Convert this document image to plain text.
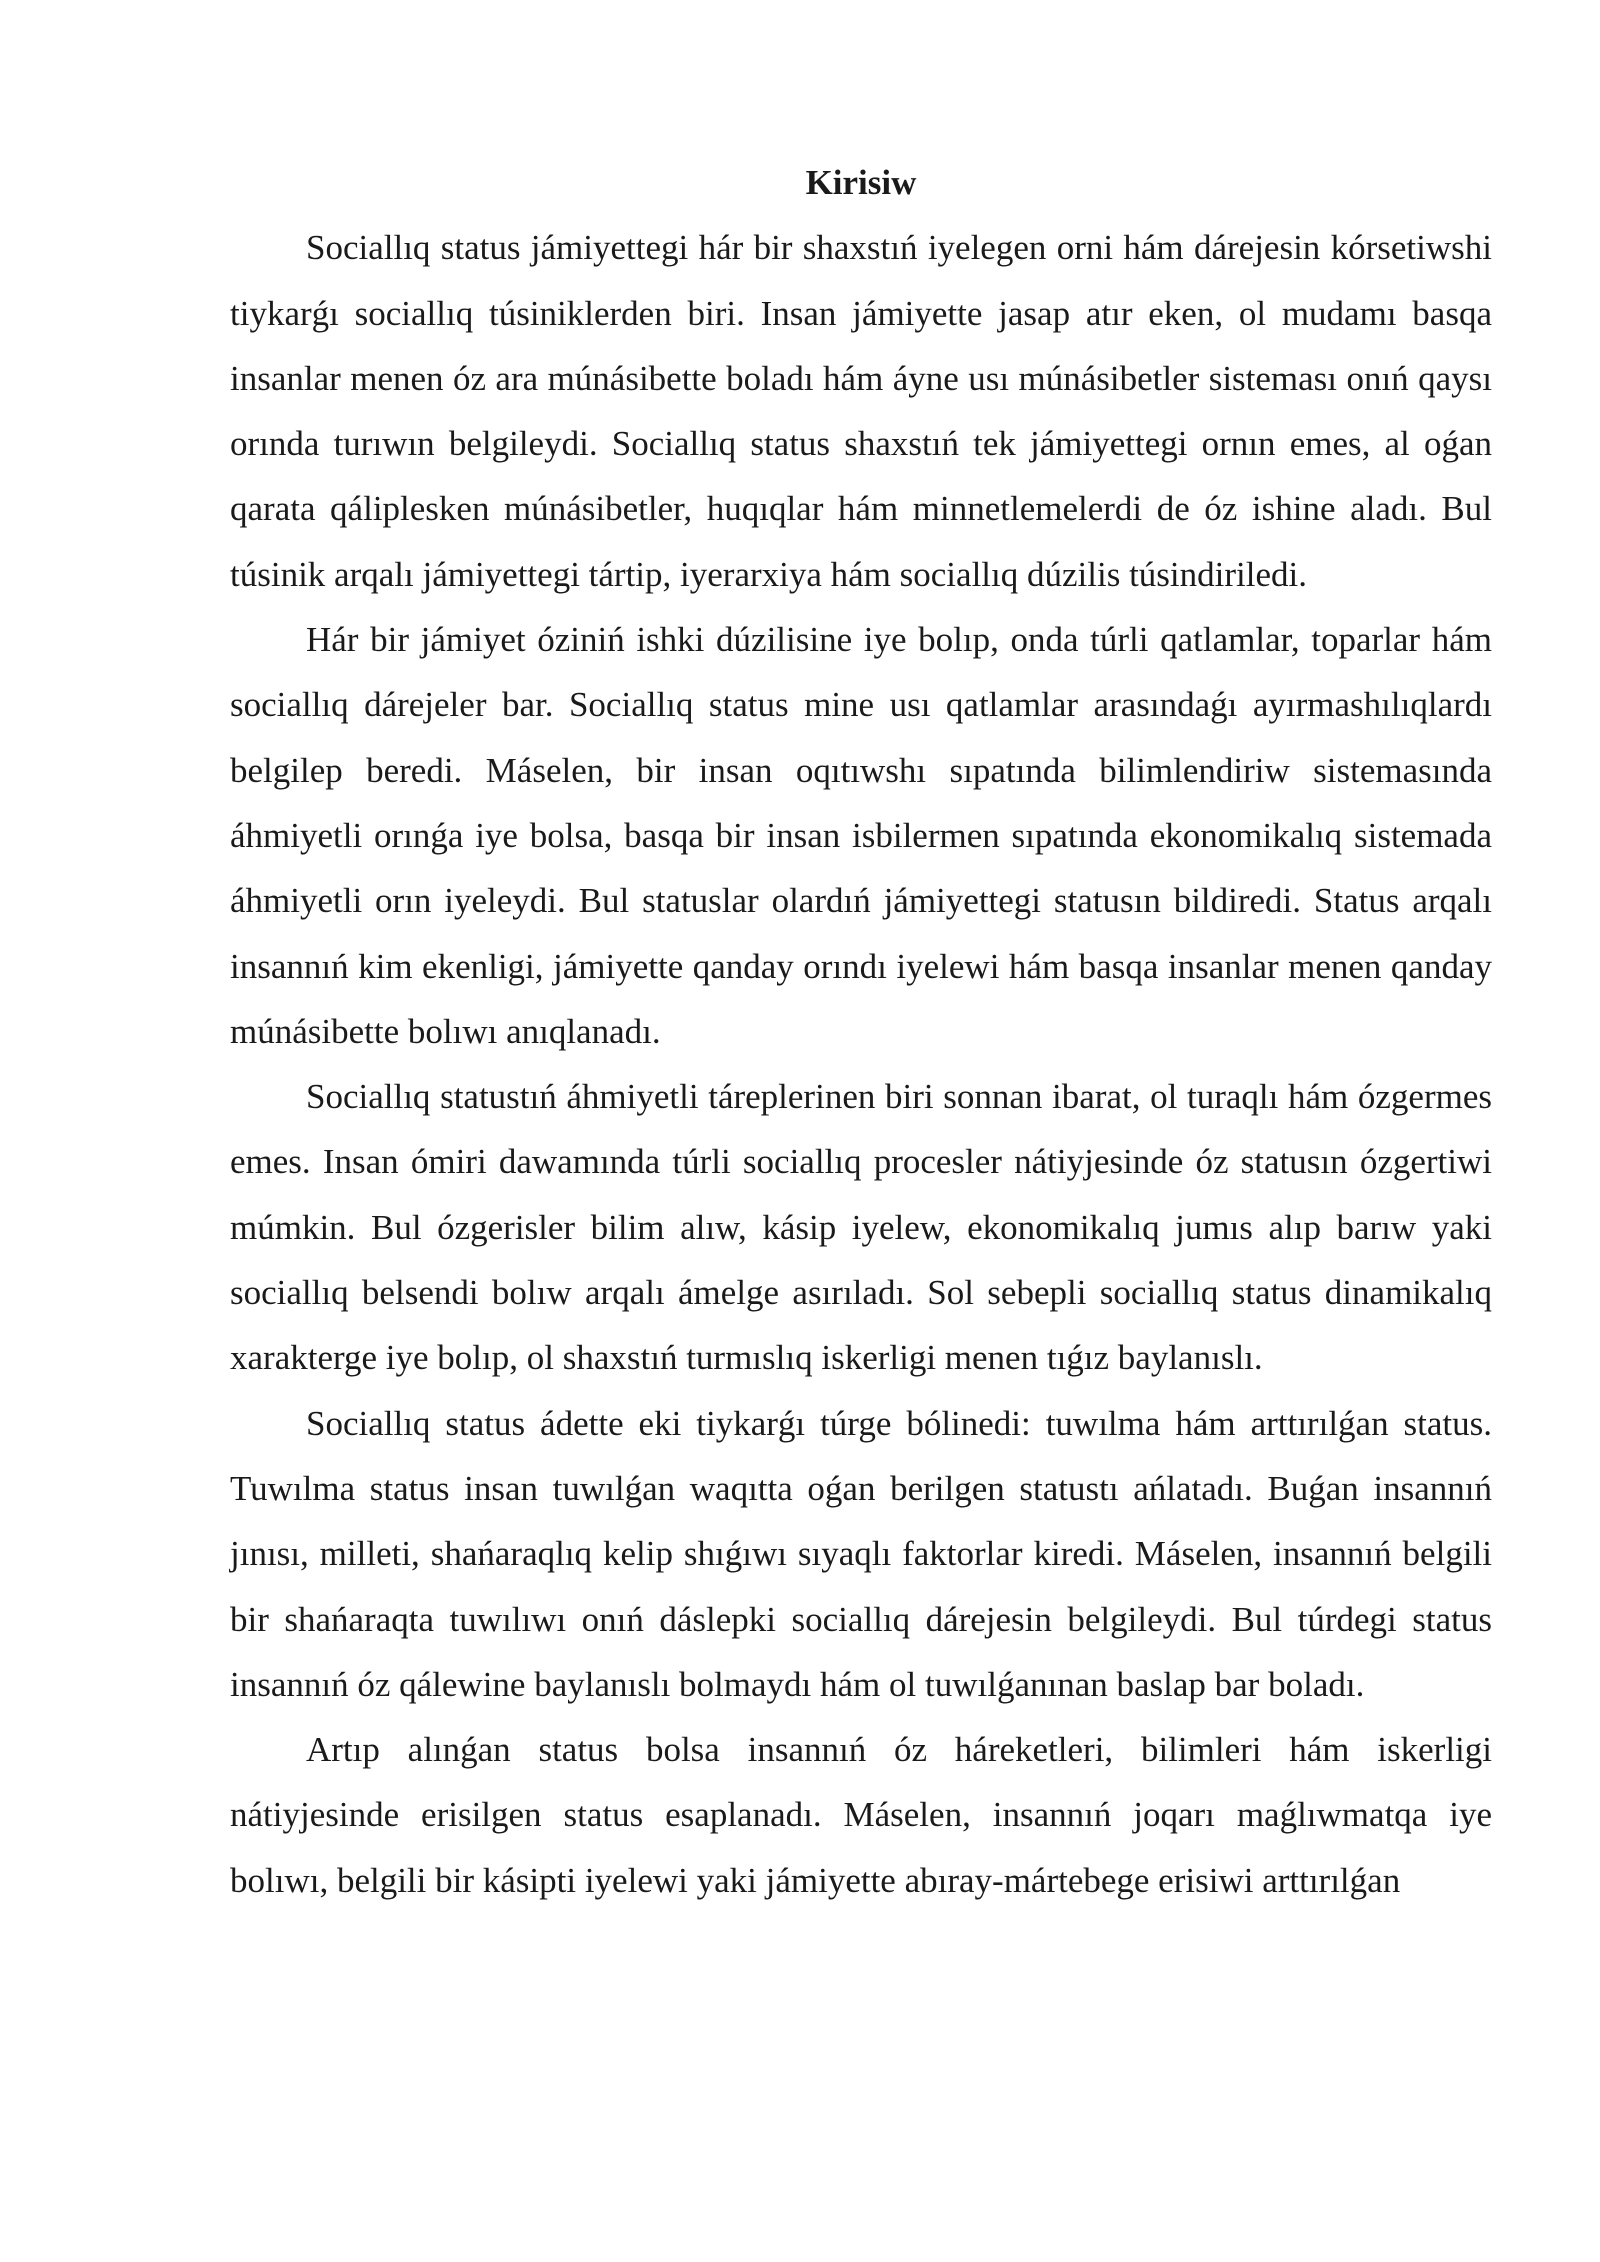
Kirisiw

Sociallıq status jámiyettegi hár bir shaxstıń iyelegen orni hám dárejesin kórsetiwshi tiykarǵı sociallıq túsiniklerden biri. Insan jámiyette jasap atır eken, ol mudamı basqa insanlar menen óz ara múnásibette boladı hám áyne usı múnásibetler sisteması onıń qaysı orında turıwın belgileydi. Sociallıq status shaxstıń tek jámiyettegi ornın emes, al oǵan qarata qáliplesken múnásibetler, huqıqlar hám minnetlemelerdi de óz ishine aladı. Bul túsinik arqalı jámiyettegi tártip, iyerarxiya hám sociallıq dúzilis túsindiriledi.

Hár bir jámiyet óziniń ishki dúzilisine iye bolıp, onda túrli qatlamlar, toparlar hám sociallıq dárejeler bar. Sociallıq status mine usı qatlamlar arasındaǵı ayırmashılıqlardı belgilep beredi. Máselen, bir insan oqıtıwshı sıpatında bilimlendiriw sistemasında áhmiyetli orınǵa iye bolsa, basqa bir insan isbilermen sıpatında ekonomikalıq sistemada áhmiyetli orın iyeleydi. Bul statuslar olardıń jámiyettegi statusın bildiredi. Status arqalı insannıń kim ekenligi, jámiyette qanday orındı iyelewi hám basqa insanlar menen qanday múnásibette bolıwı anıqlanadı.

Sociallıq statustıń áhmiyetli tárеplerinen biri sonnan ibarat, ol turaqlı hám ózgermes emes. Insan ómiri dawamında túrli sociallıq procesler nátiyjesinde óz statusın ózgertiwi múmkin. Bul ózgerisler bilim alıw, kásip iyelew, ekonomikalıq jumıs alıp barıw yaki sociallıq belsendi bolıw arqalı ámelge asırıladı. Sol sebepli sociallıq status dinamikalıq xarakterge iye bolıp, ol shaxstıń turmıslıq iskerligi menen tıǵız baylanıslı.

Sociallıq status ádette eki tiykarǵı túrge bólinedi: tuwılma hám arttırılǵan status. Tuwılma status insan tuwılǵan waqıtta oǵan berilgen statustı ańlatadı. Buǵan insannıń jınısı, milleti, shańaraqlıq kelip shıǵıwı sıyaqlı faktorlar kiredi. Máselen, insannıń belgili bir shańaraqta tuwılıwı onıń dáslepki sociallıq dárejesin belgileydi. Bul túrdegi status insannıń óz qálewine baylanıslı bolmaydı hám ol tuwılǵanınan baslap bar boladı.

Artıp alınǵan status bolsa insannıń óz háreketleri, bilimleri hám iskerligi nátiyjesinde erisilgen status esaplanadı. Máselen, insannıń joqarı maǵlıwmatqa iye bolıwı, belgili bir kásipti iyelewi yaki jámiyette abıray-mártebege erisiwi arttırılǵan
